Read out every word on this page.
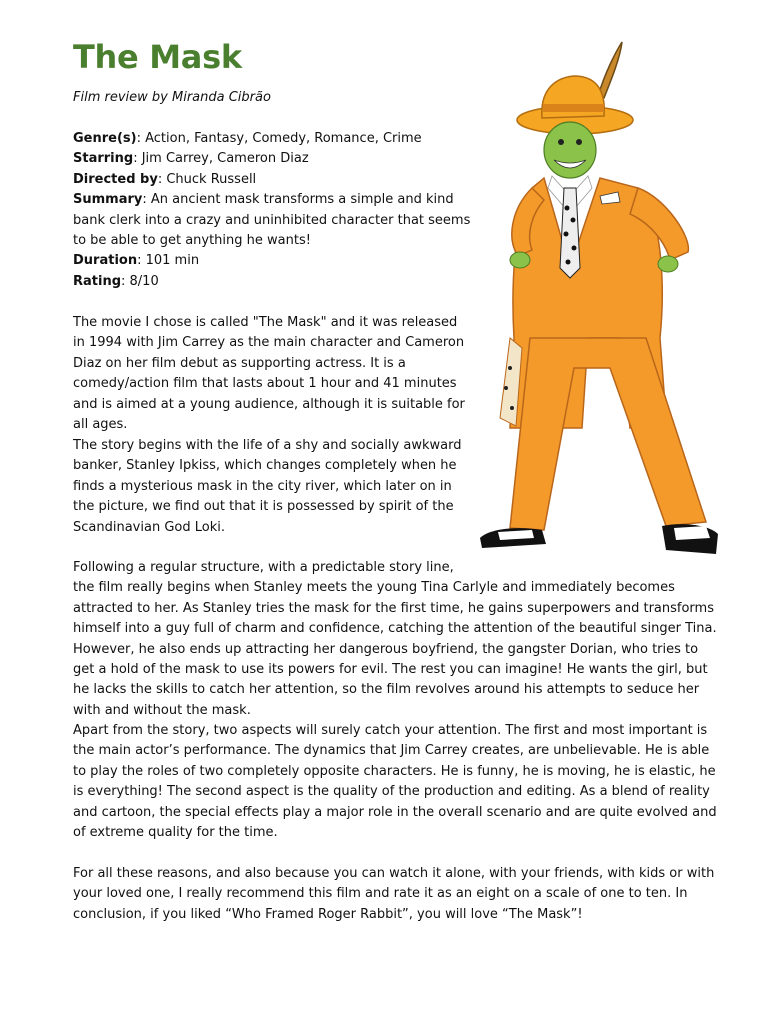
The Mask

Film review by Miranda Cibrão

Genre(s): Action, Fantasy, Comedy, Romance, Crime
Starring: Jim Carrey, Cameron Diaz
Directed by: Chuck Russell
Summary: An ancient mask transforms a simple and kind bank clerk into a crazy and uninhibited character that seems to be able to get anything he wants!
Duration: 101 min
Rating: 8/10

The movie I chose is called "The Mask" and it was released in 1994 with Jim Carrey as the main character and Cameron Diaz on her film debut as supporting actress. It is a comedy/action film that lasts about 1 hour and 41 minutes and is aimed at a young audience, although it is suitable for all ages.

The story begins with the life of a shy and socially awkward banker, Stanley Ipkiss, which changes completely when he finds a mysterious mask in the city river, which later on in the picture, we find out that it is possessed by spirit of the Scandinavian God Loki.

Following a regular structure, with a predictable story line,
the film really begins when Stanley meets the young Tina Carlyle and immediately becomes attracted to her. As Stanley tries the mask for the first time, he gains superpowers and transforms himself into a guy full of charm and confidence, catching the attention of the beautiful singer Tina. However, he also ends up attracting her dangerous boyfriend, the gangster Dorian, who tries to get a hold of the mask to use its powers for evil. The rest you can imagine! He wants the girl, but he lacks the skills to catch her attention, so the film revolves around his attempts to seduce her with and without the mask.

Apart from the story, two aspects will surely catch your attention. The first and most important is the main actor’s performance. The dynamics that Jim Carrey creates, are unbelievable. He is able to play the roles of two completely opposite characters. He is funny, he is moving, he is elastic, he is everything! The second aspect is the quality of the production and editing. As a blend of reality and cartoon, the special effects play a major role in the overall scenario and are quite evolved and of extreme quality for the time.

For all these reasons, and also because you can watch it alone, with your friends, with kids or with your loved one, I really recommend this film and rate it as an eight on a scale of one to ten. In conclusion, if you liked “Who Framed Roger Rabbit”, you will love “The Mask”!
